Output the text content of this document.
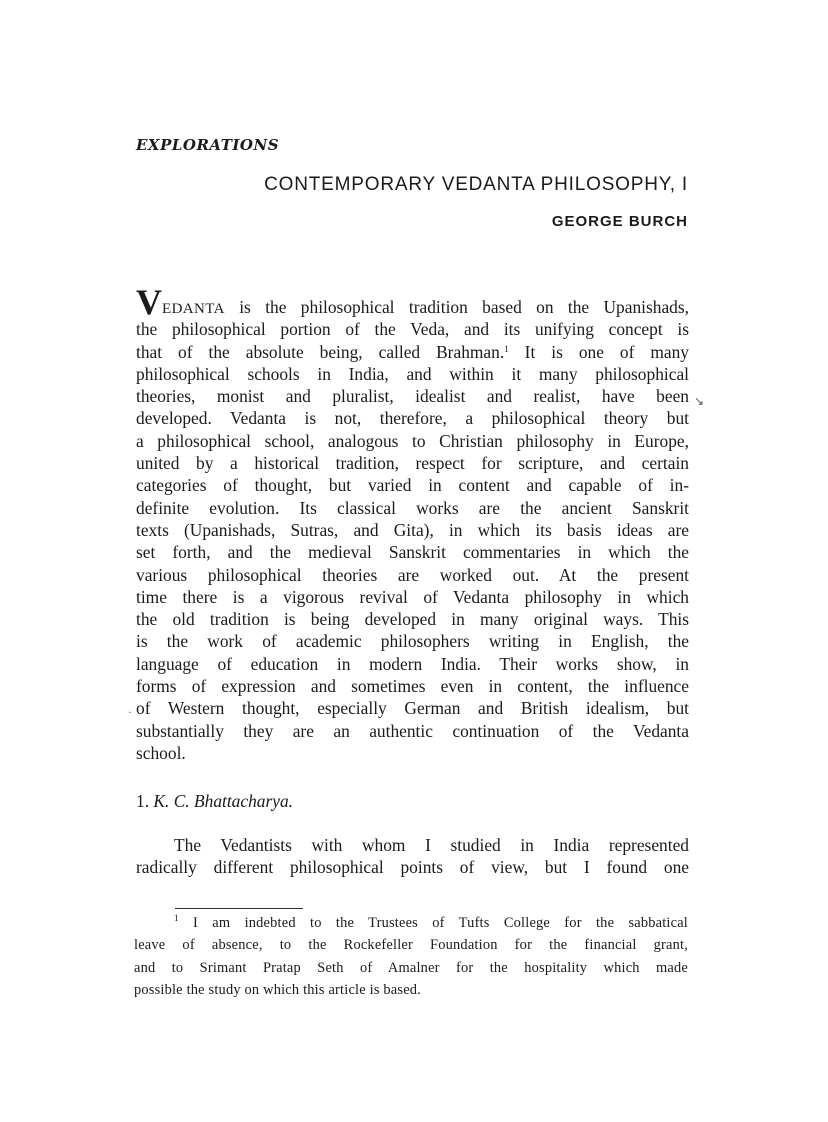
EXPLORATIONS
CONTEMPORARY VEDANTA PHILOSOPHY, I
GEORGE BURCH
V EDANTA is the philosophical tradition based on the Upanishads,
the philosophical portion of the Veda, and its unifying concept is
that of the absolute being, called Brahman.$^1$ It is one of many
philosophical schools in India, and within it many philosophical
theories, monist and pluralist, idealist and realist, have been
developed. Vedanta is not, therefore, a philosophical theory but
a philosophical school, analogous to Christian philosophy in Europe,
united by a historical tradition, respect for scripture, and certain
categories of thought, but varied in content and capable of in-
definite evolution. Its classical works are the ancient Sanskrit
texts (Upanishads, Sutras, and Gita), in which its basis ideas are
set forth, and the medieval Sanskrit commentaries in which the
various philosophical theories are worked out. At the present
time there is a vigorous revival of Vedanta philosophy in which
the old tradition is being developed in many original ways. This
is the work of academic philosophers writing in English, the
language of education in modern India. Their works show, in
forms of expression and sometimes even in content, the influence
of Western thought, especially German and British idealism, but
substantially they are an authentic continuation of the Vedanta
school.
1. K. C. Bhattacharya.
The Vedantists with whom I studied in India represented
radically different philosophical points of view, but I found one
$^1$ I am indebted to the Trustees of Tufts College for the sabbatical
leave of absence, to the Rockefeller Foundation for the financial grant,
and to Srimant Pratap Seth of Amalner for the hospitality which made
possible the study on which this article is based.
↘
·
